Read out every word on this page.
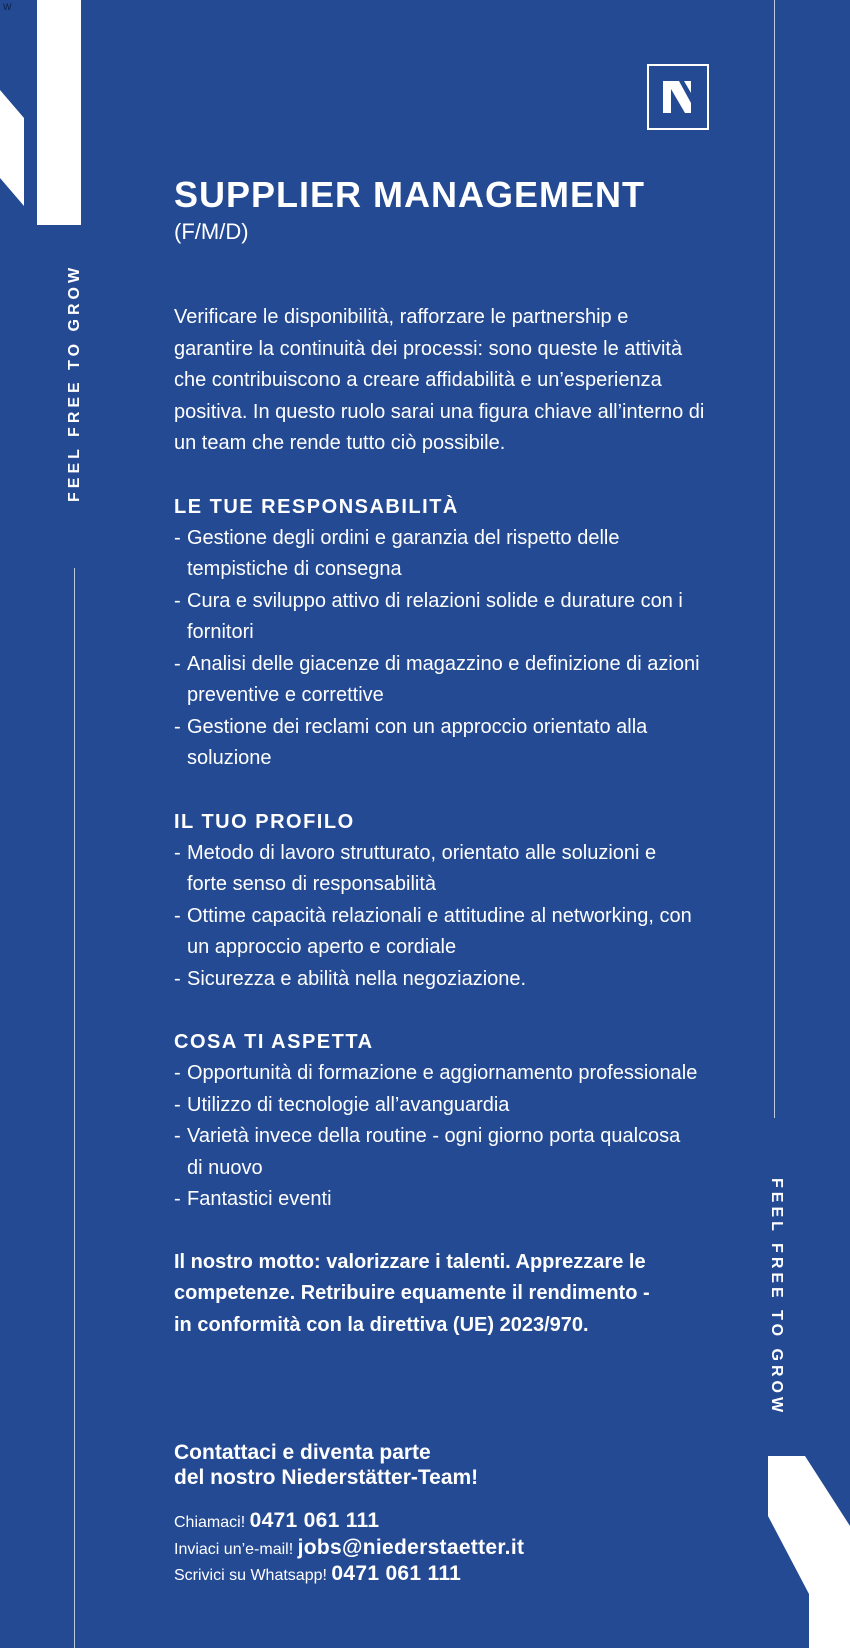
W
FEEL FREE TO GROW
FEEL FREE TO GROW
SUPPLIER MANAGEMENT
(F/M/D)
Verificare le disponibilità, rafforzare le partnership e
garantire la continuità dei processi: sono queste le attività
che contribuiscono a creare affidabilità e un’esperienza
positiva. In questo ruolo sarai una figura chiave all’interno di
un team che rende tutto ciò possibile.
LE TUE RESPONSABILITÀ
- Gestione degli ordini e garanzia del rispetto delle
tempistiche di consegna
- Cura e sviluppo attivo di relazioni solide e durature con i
fornitori
- Analisi delle giacenze di magazzino e definizione di azioni
preventive e correttive
- Gestione dei reclami con un approccio orientato alla
soluzione
IL TUO PROFILO
- Metodo di lavoro strutturato, orientato alle soluzioni e
forte senso di responsabilità
- Ottime capacità relazionali e attitudine al networking, con
un approccio aperto e cordiale
- Sicurezza e abilità nella negoziazione.
COSA TI ASPETTA
- Opportunità di formazione e aggiornamento professionale
- Utilizzo di tecnologie all’avanguardia
- Varietà invece della routine - ogni giorno porta qualcosa
di nuovo
- Fantastici eventi
Il nostro motto: valorizzare i talenti. Apprezzare le
competenze. Retribuire equamente il rendimento -
in conformità con la direttiva (UE) 2023/970.
Contattaci e diventa parte
del nostro Niederstätter-Team!
Chiamaci! 0471 061 111
Inviaci un’e-mail! jobs@niederstaetter.it
Scrivici su Whatsapp! 0471 061 111
